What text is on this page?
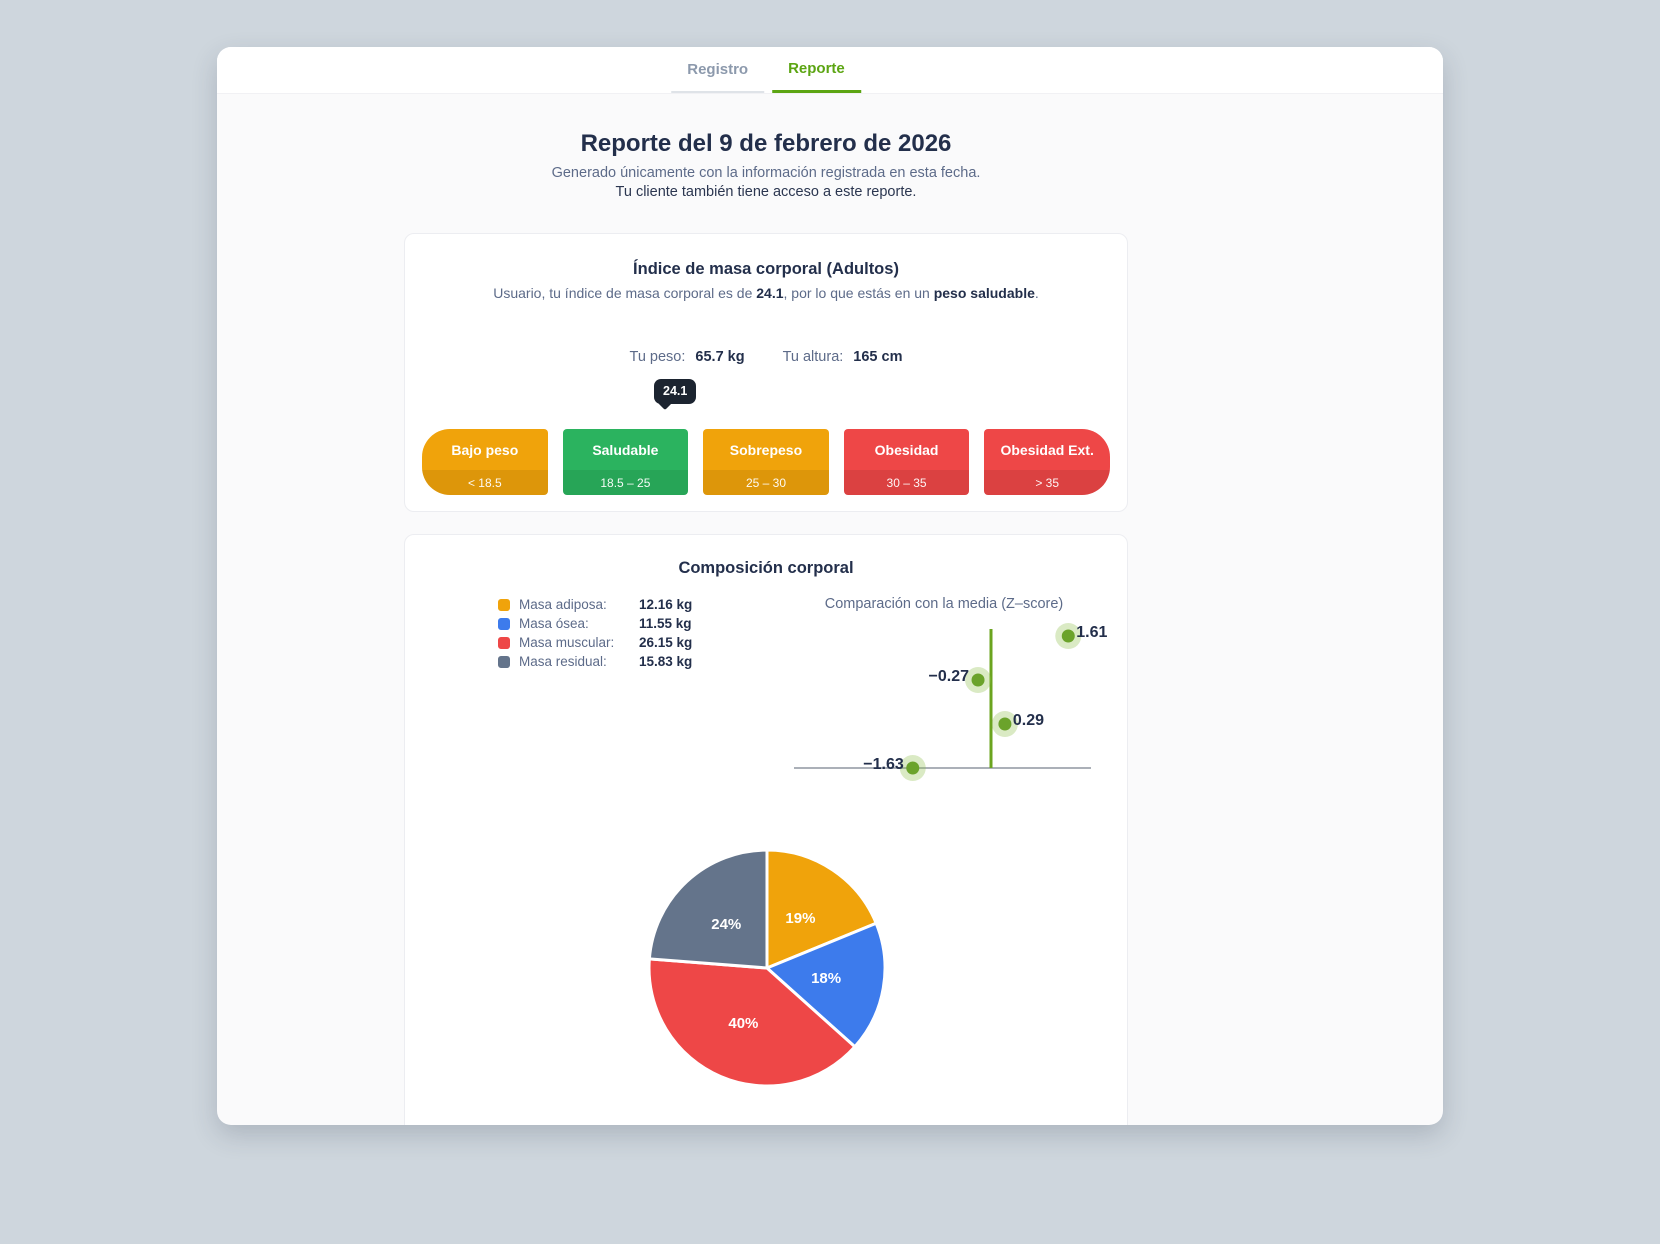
Registro	Reporte
Reporte del 9 de febrero de 2026

Generado únicamente con la información registrada en esta fecha.

Tu cliente también tiene acceso a este reporte.

Índice de masa corporal (Adultos)

Usuario, tu índice de masa corporal es de 24.1, por lo que estás en un peso saludable.

Tu peso: 65.7 kg	Tu altura: 165 cm
24.1
Bajo peso
< 18.5
Saludable
18.5 – 25
Sobrepeso
25 – 30
Obesidad
30 – 35
Obesidad Ext.
> 35
Composición corporal
Masa adiposa:	12.16 kg
Masa ósea:	11.55 kg
Masa muscular:	26.15 kg
Masa residual:	15.83 kg
Comparación con la media (Z–score)
1.61
−0.27
0.29
−1.63
19%
18%
40%
24%
